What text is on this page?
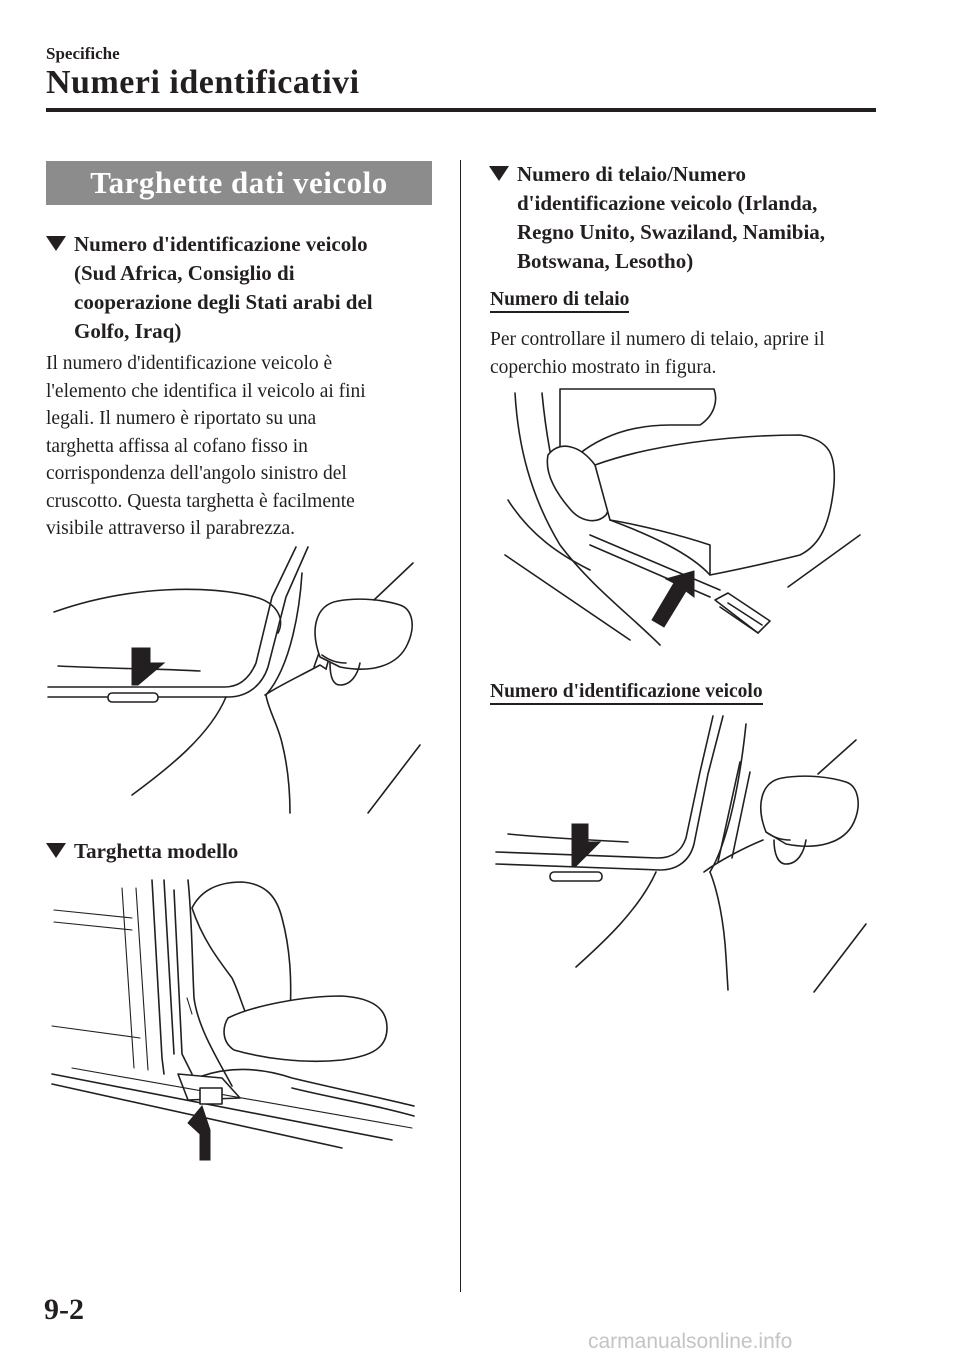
Specifiche
Numeri identificativi
Targhette dati veicolo
Numero d'identificazione veicolo
(Sud Africa, Consiglio di
cooperazione degli Stati arabi del
Golfo, Iraq)
Il numero d'identificazione veicolo è
l'elemento che identifica il veicolo ai fini
legali. Il numero è riportato su una
targhetta affissa al cofano fisso in
corrispondenza dell'angolo sinistro del
cruscotto. Questa targhetta è facilmente
visibile attraverso il parabrezza.
Targhetta modello
Numero di telaio/Numero
d'identificazione veicolo (Irlanda,
Regno Unito, Swaziland, Namibia,
Botswana, Lesotho)
Numero di telaio
Per controllare il numero di telaio, aprire il
coperchio mostrato in figura.
Numero d'identificazione veicolo
9-2
carmanualsonline.info
